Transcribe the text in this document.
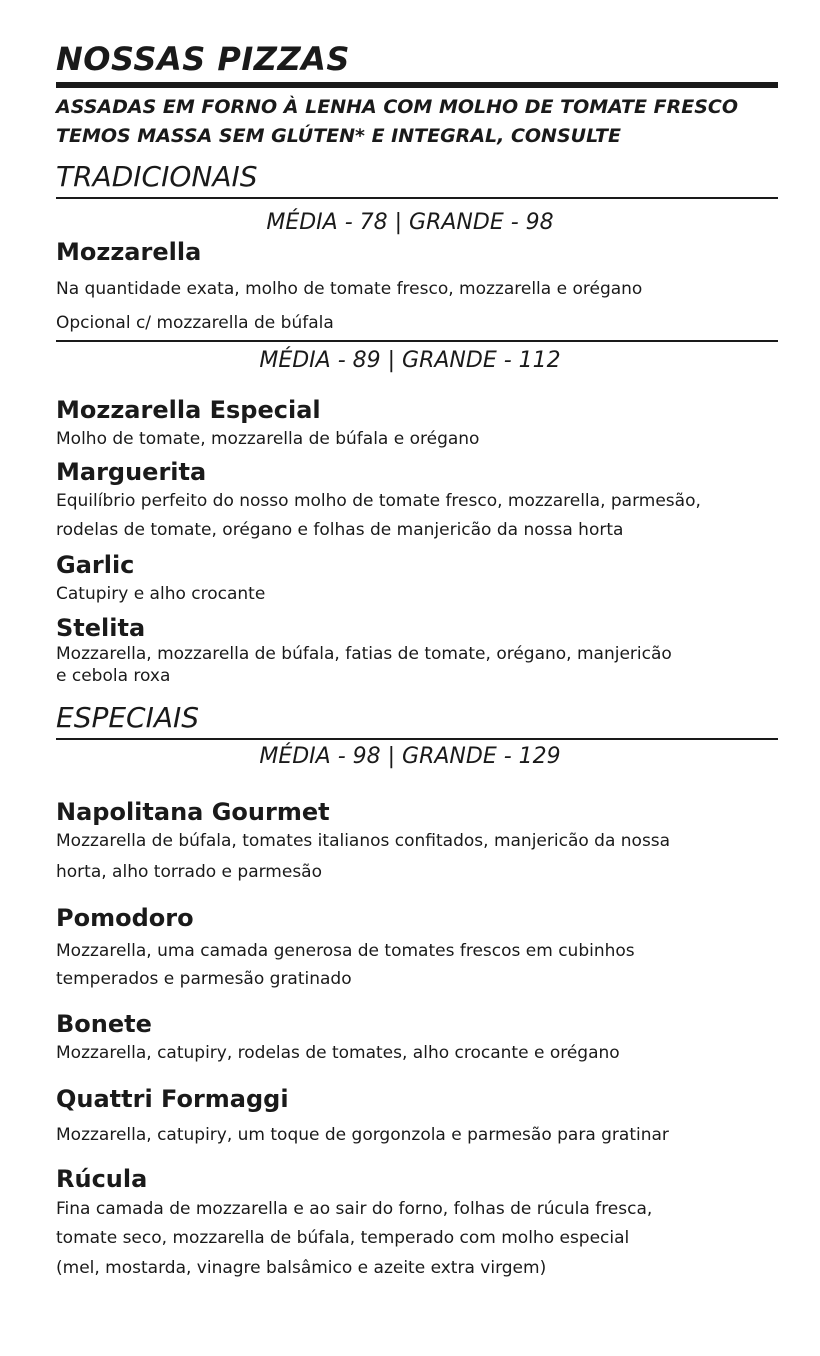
NOSSAS PIZZAS
ASSADAS EM FORNO À LENHA COM MOLHO DE TOMATE FRESCO
TEMOS MASSA SEM GLÚTEN* E INTEGRAL, CONSULTE
TRADICIONAIS
MÉDIA - 78 | GRANDE - 98
Mozzarella
Na quantidade exata, molho de tomate fresco, mozzarella e orégano
Opcional c/ mozzarella de búfala
MÉDIA - 89 | GRANDE - 112
Mozzarella Especial
Molho de tomate, mozzarella de búfala e orégano
Marguerita
Equilíbrio perfeito do nosso molho de tomate fresco, mozzarella, parmesão,
rodelas de tomate, orégano e folhas de manjericão da nossa horta
Garlic
Catupiry e alho crocante
Stelita
Mozzarella, mozzarella de búfala, fatias de tomate, orégano, manjericão
e cebola roxa
ESPECIAIS
MÉDIA - 98 | GRANDE - 129
Napolitana Gourmet
Mozzarella de búfala, tomates italianos confitados, manjericão da nossa
horta, alho torrado e parmesão
Pomodoro
Mozzarella, uma camada generosa de tomates frescos em cubinhos
temperados e parmesão gratinado
Bonete
Mozzarella, catupiry, rodelas de tomates, alho crocante e orégano
Quattri Formaggi
Mozzarella, catupiry, um toque de gorgonzola e parmesão para gratinar
Rúcula
Fina camada de mozzarella e ao sair do forno, folhas de rúcula fresca,
tomate seco, mozzarella de búfala, temperado com molho especial
(mel, mostarda, vinagre balsâmico e azeite extra virgem)
